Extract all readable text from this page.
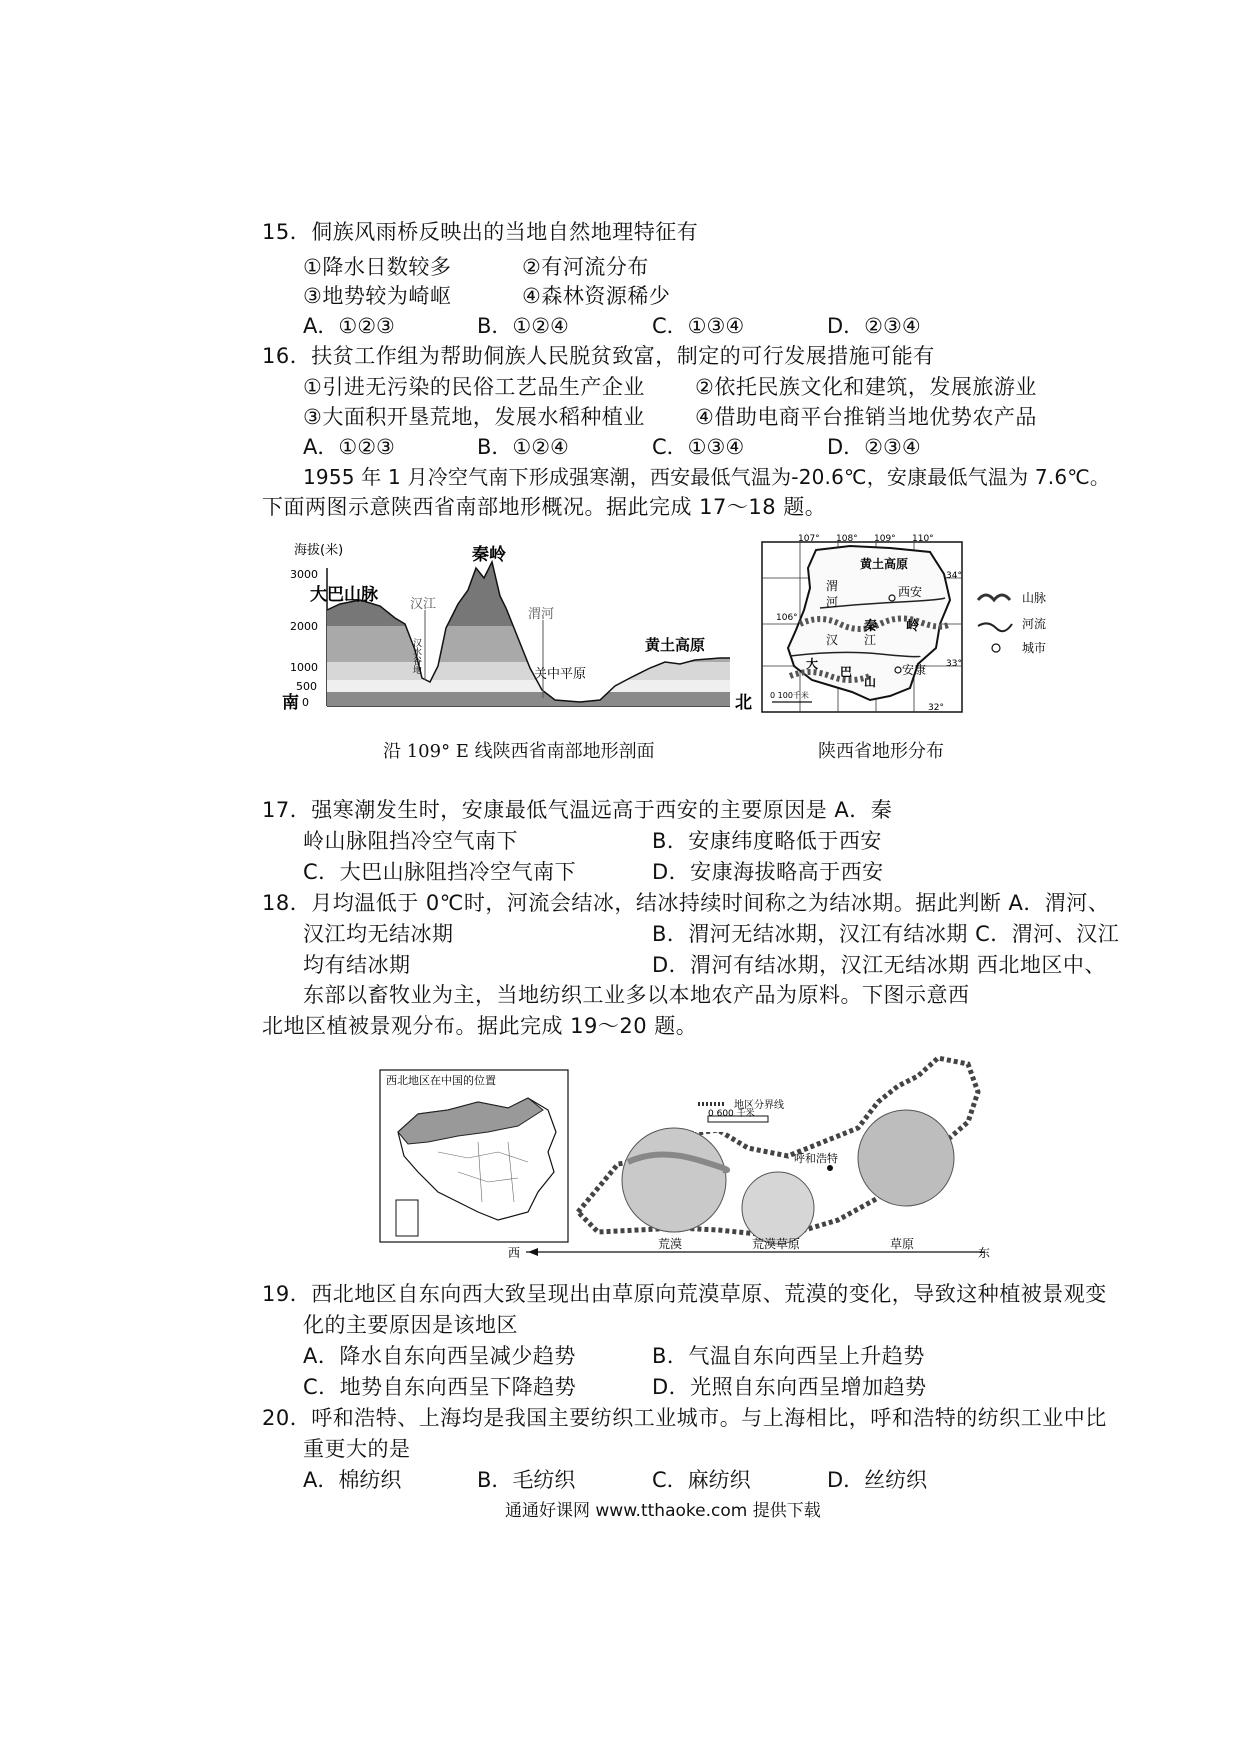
15．侗族风雨桥反映出的当地自然地理特征有
①降水日数较多	②有河流分布
③地势较为崎岖	④森林资源稀少
A．①②③	B．①②④	C．①③④	D．②③④
16．扶贫工作组为帮助侗族人民脱贫致富，制定的可行发展措施可能有
①引进无污染的民俗工艺品生产企业 ②依托民族文化和建筑，发展旅游业
③大面积开垦荒地，发展水稻种植业 ④借助电商平台推销当地优势农产品
A．①②③	B．①②④	C．①③④	D．②③④
1955 年 1 月冷空气南下形成强寒潮，西安最低气温为-20.6℃，安康最低气温为 7.6℃。
下面两图示意陕西省南部地形概况。据此完成 17～18 题。
海拔(米)
3000
2000
1000
500
0
南	北
大巴山脉 汉江
汉水谷地
秦岭
渭河
关中平原
黄土高原
沿 109° E 线陕西省南部地形剖面
107° 108° 109° 110°
106°
34°
33°
32°
黄土高原
渭
河
西安
秦 岭
汉 江
大
巴
山
安康
0 100千米
山脉
河流
城市
陕西省地形分布
17．强寒潮发生时，安康最低气温远高于西安的主要原因是 A．秦
岭山脉阻挡冷空气南下	B．安康纬度略低于西安
C．大巴山脉阻挡冷空气南下	D．安康海拔略高于西安
18．月均温低于 0℃时，河流会结冰，结冰持续时间称之为结冰期。据此判断 A．渭河、
汉江均无结冰期	B．渭河无结冰期，汉江有结冰期 C．渭河、汉江
均有结冰期	D．渭河有结冰期，汉江无结冰期 西北地区中、
东部以畜牧业为主，当地纺织工业多以本地农产品为原料。下图示意西
北地区植被景观分布。据此完成 19～20 题。
西北地区在中国的位置
地区分界线
0 600 千米
呼和浩特
西
荒漠	荒漠草原	草原
东
19．西北地区自东向西大致呈现出由草原向荒漠草原、荒漠的变化，导致这种植被景观变
化的主要原因是该地区
A．降水自东向西呈减少趋势	B．气温自东向西呈上升趋势
C．地势自东向西呈下降趋势	D．光照自东向西呈增加趋势
20．呼和浩特、上海均是我国主要纺织工业城市。与上海相比，呼和浩特的纺织工业中比
重更大的是
A．棉纺织	B．毛纺织	C．麻纺织	D．丝纺织
通通好课网 www.tthaoke.com 提供下载
